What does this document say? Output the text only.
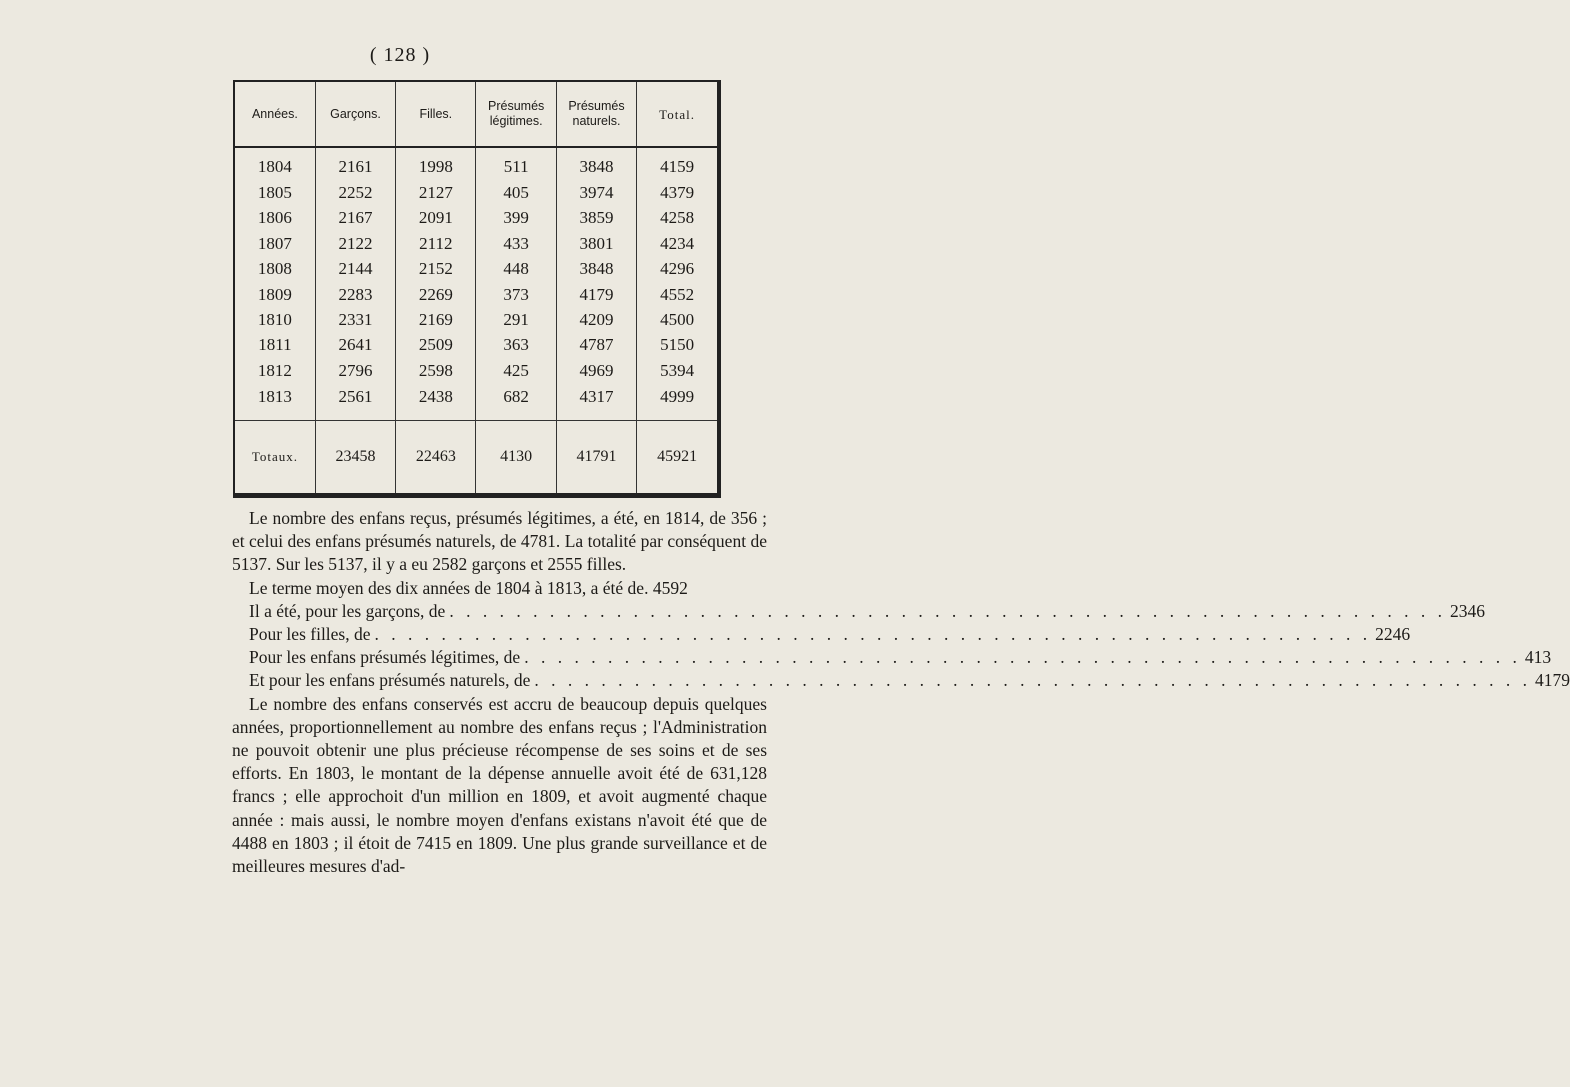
( 128 )
Années.	Garçons.	Filles.	Présumés légitimes.	Présumés naturels.	Total.
1804	2161	1998	511	3848	4159
1805	2252	2127	405	3974	4379
1806	2167	2091	399	3859	4258
1807	2122	2112	433	3801	4234
1808	2144	2152	448	3848	4296
1809	2283	2269	373	4179	4552
1810	2331	2169	291	4209	4500
1811	2641	2509	363	4787	5150
1812	2796	2598	425	4969	5394
1813	2561	2438	682	4317	4999
Totaux.	23458	22463	4130	41791	45921

Le nombre des enfans reçus, présumés légitimes, a été, en 1814, de 356 ; et celui des enfans présumés naturels, de 4781. La totalité par conséquent de 5137. Sur les 5137, il y a eu 2582 garçons et 2555 filles.

Le terme moyen des dix années de 1804 à 1813, a été de. 4592

Il a été, pour les garçons, de . . . . . . . . . . . . . . . . . . . . . . . . . . . . . . . . . . . . . . . . . . . . . . . . . . . . . . . . . . . . 2346
Pour les filles, de . . . . . . . . . . . . . . . . . . . . . . . . . . . . . . . . . . . . . . . . . . . . . . . . . . . . . . . . . . . . 2246
Pour les enfans présumés légitimes, de . . . . . . . . . . . . . . . . . . . . . . . . . . . . . . . . . . . . . . . . . . . . . . . . . . . . . . . . . . . . 413
Et pour les enfans présumés naturels, de . . . . . . . . . . . . . . . . . . . . . . . . . . . . . . . . . . . . . . . . . . . . . . . . . . . . . . . . . . . . 4179

Le nombre des enfans conservés est accru de beaucoup depuis quelques années, proportionnellement au nombre des enfans reçus ; l'Administration ne pouvoit obtenir une plus précieuse récompense de ses soins et de ses efforts. En 1803, le montant de la dépense annuelle avoit été de 631,128 francs ; elle approchoit d'un million en 1809, et avoit augmenté chaque année : mais aussi, le nombre moyen d'enfans existans n'avoit été que de 4488 en 1803 ; il étoit de 7415 en 1809. Une plus grande surveillance et de meilleures mesures d'ad-
